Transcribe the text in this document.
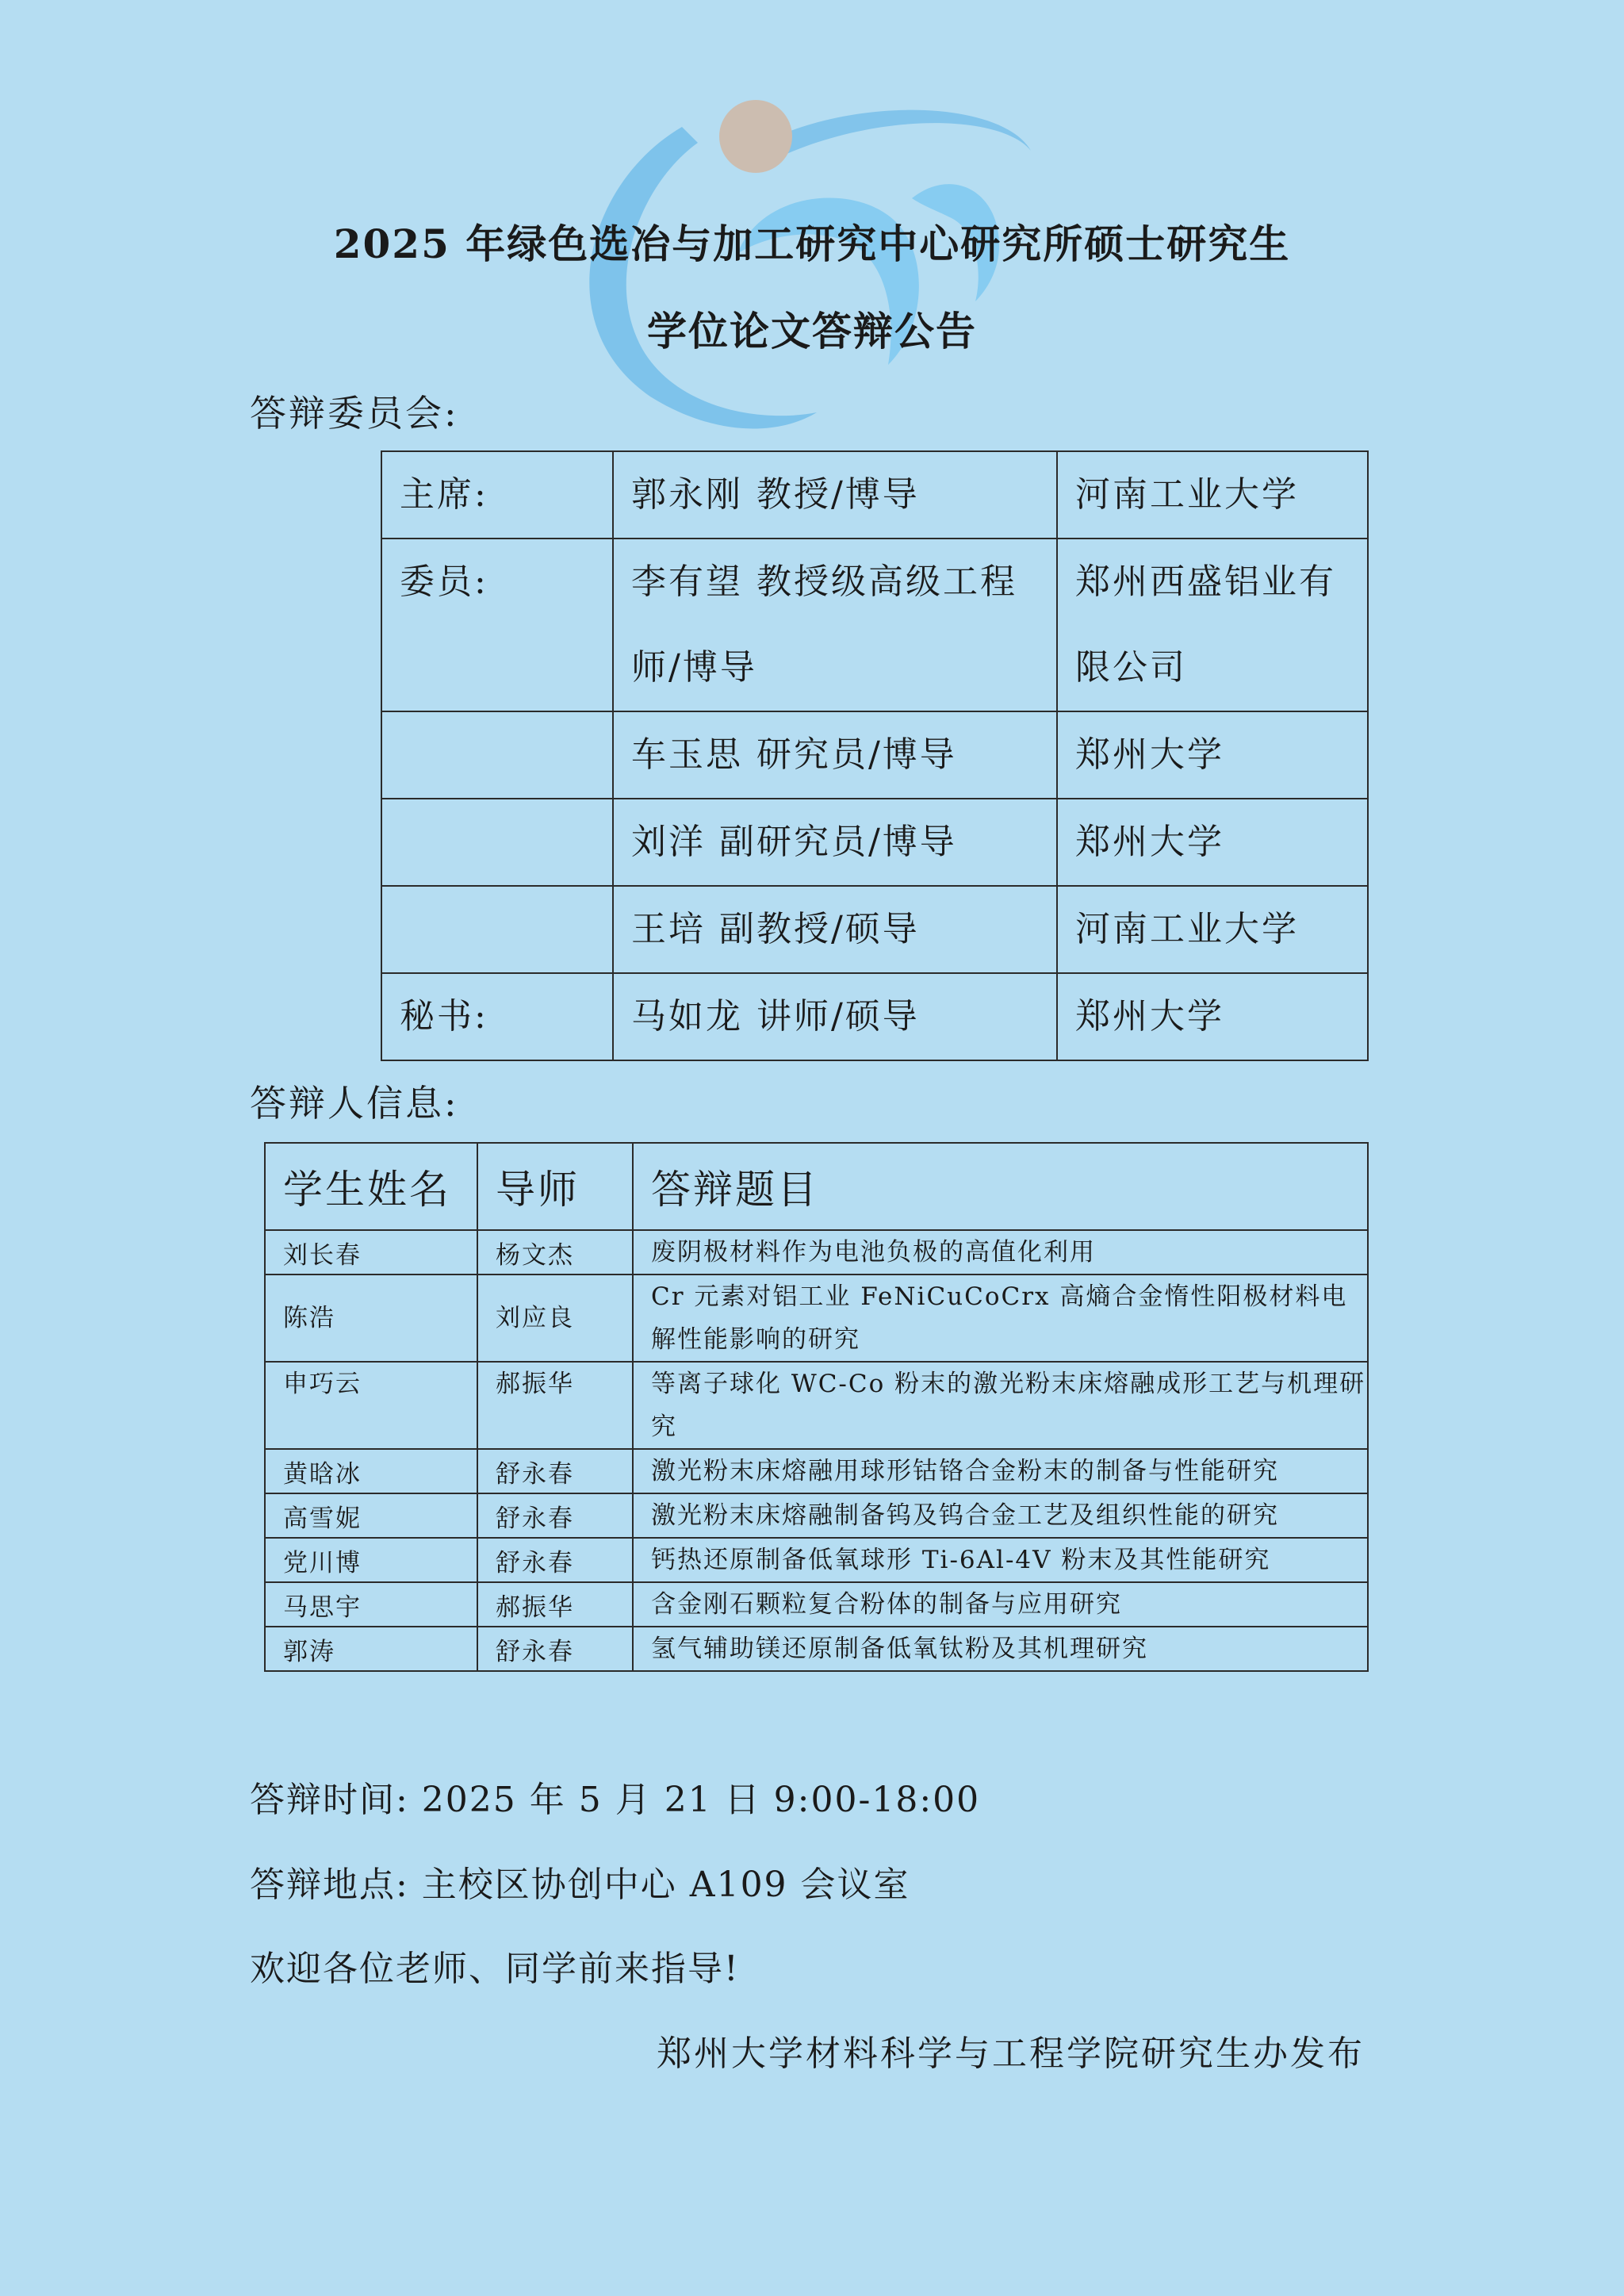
2025 年绿色选冶与加工研究中心研究所硕士研究生
学位论文答辩公告
答辩委员会:
主席:	郭永刚 教授/博导	河南工业大学
委员:	李有望 教授级高级工程师/博导	郑州西盛铝业有限公司
	车玉思 研究员/博导	郑州大学
	刘洋 副研究员/博导	郑州大学
	王培 副教授/硕导	河南工业大学
秘书:	马如龙 讲师/硕导	郑州大学
答辩人信息:
学生姓名	导师	答辩题目
刘长春	杨文杰	废阴极材料作为电池负极的高值化利用
陈浩	刘应良	Cr 元素对铝工业 FeNiCuCoCrx 高熵合金惰性阳极材料电解性能影响的研究
申巧云	郝振华	等离子球化 WC-Co 粉末的激光粉末床熔融成形工艺与机理研究
黄晗冰	舒永春	激光粉末床熔融用球形钴铬合金粉末的制备与性能研究
高雪妮	舒永春	激光粉末床熔融制备钨及钨合金工艺及组织性能的研究
党川博	舒永春	钙热还原制备低氧球形 Ti-6Al-4V 粉末及其性能研究
马思宇	郝振华	含金刚石颗粒复合粉体的制备与应用研究
郭涛	舒永春	氢气辅助镁还原制备低氧钛粉及其机理研究
答辩时间: 2025 年 5 月 21 日 9:00-18:00
答辩地点: 主校区协创中心 A109 会议室
欢迎各位老师、同学前来指导!
郑州大学材料科学与工程学院研究生办发布
